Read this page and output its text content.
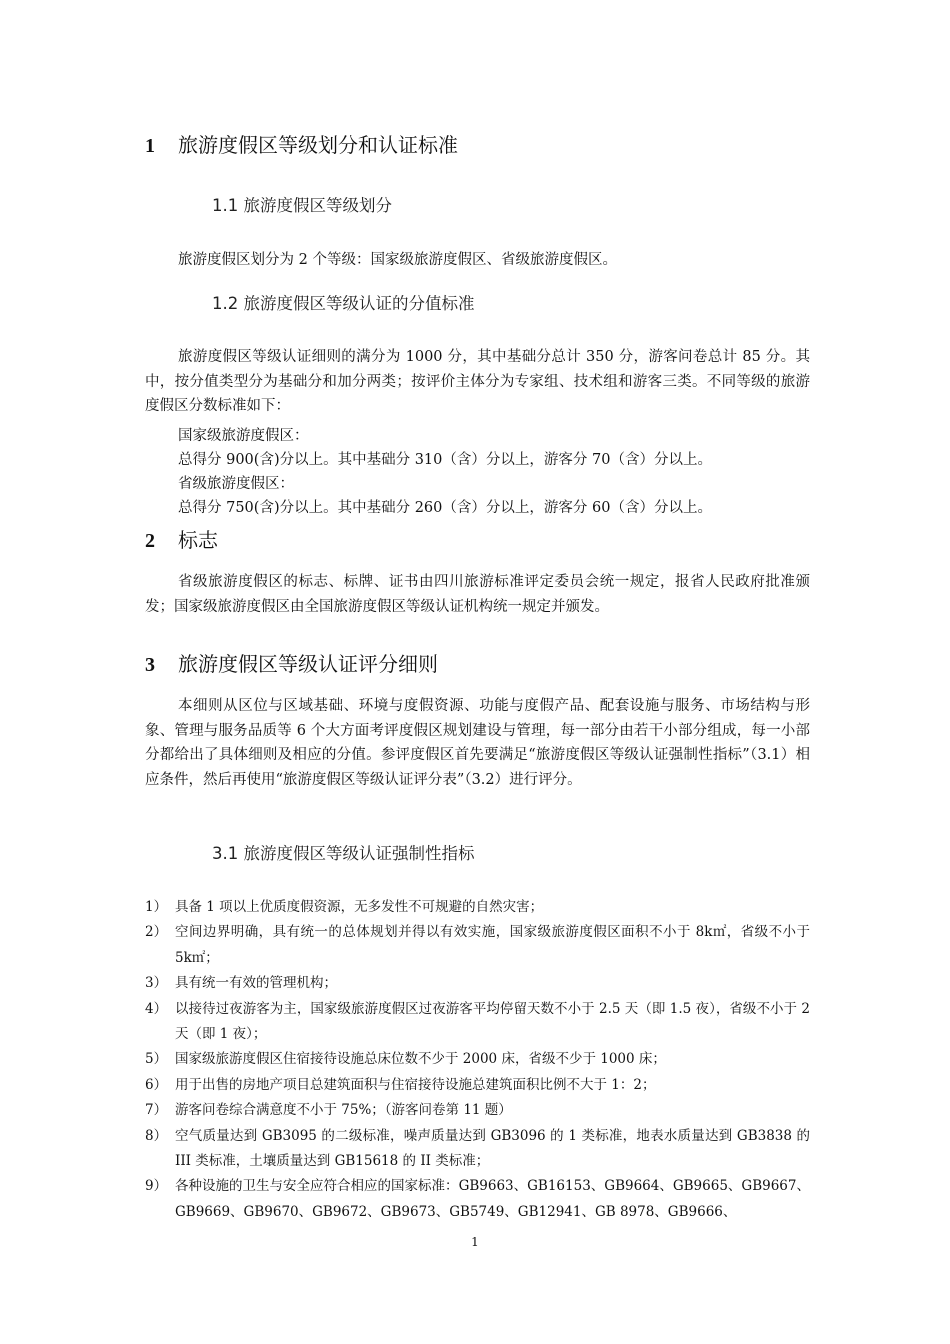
1 旅游度假区等级划分和认证标准
1.1 旅游度假区等级划分

旅游度假区划分为 2 个等级：国家级旅游度假区、省级旅游度假区。

1.2 旅游度假区等级认证的分值标准

旅游度假区等级认证细则的满分为 1000 分，其中基础分总计 350 分，游客问卷总计 85 分。其中，按分值类型分为基础分和加分两类；按评价主体分为专家组、技术组和游客三类。不同等级的旅游度假区分数标准如下：

国家级旅游度假区：
总得分 900(含)分以上。其中基础分 310（含）分以上，游客分 70（含）分以上。
省级旅游度假区：
总得分 750(含)分以上。其中基础分 260（含）分以上，游客分 60（含）分以上。
2 标志

省级旅游度假区的标志、标牌、证书由四川旅游标准评定委员会统一规定，报省人民政府批准颁发；国家级旅游度假区由全国旅游度假区等级认证机构统一规定并颁发。

3 旅游度假区等级认证评分细则

本细则从区位与区域基础、环境与度假资源、功能与度假产品、配套设施与服务、市场结构与形象、管理与服务品质等 6 个大方面考评度假区规划建设与管理，每一部分由若干小部分组成，每一小部分都给出了具体细则及相应的分值。参评度假区首先要满足“旅游度假区等级认证强制性指标”（3.1）相应条件，然后再使用“旅游度假区等级认证评分表”（3.2）进行评分。

3.1 旅游度假区等级认证强制性指标
1） 具备 1 项以上优质度假资源，无多发性不可规避的自然灾害；
2） 空间边界明确，具有统一的总体规划并得以有效实施，国家级旅游度假区面积不小于 8k㎡，省级不小于 5k㎡；
3） 具有统一有效的管理机构；
4） 以接待过夜游客为主，国家级旅游度假区过夜游客平均停留天数不小于 2.5 天（即 1.5 夜），省级不小于 2 天（即 1 夜）；
5） 国家级旅游度假区住宿接待设施总床位数不少于 2000 床，省级不少于 1000 床；
6） 用于出售的房地产项目总建筑面积与住宿接待设施总建筑面积比例不大于 1：2；
7） 游客问卷综合满意度不小于 75%；（游客问卷第 11 题）
8） 空气质量达到 GB3095 的二级标准，噪声质量达到 GB3096 的 1 类标准，地表水质量达到 GB3838 的 III 类标准，土壤质量达到 GB15618 的 II 类标准；
9） 各种设施的卫生与安全应符合相应的国家标准：GB9663、GB16153、GB9664、GB9665、GB9667、GB9669、GB9670、GB9672、GB9673、GB5749、GB12941、GB 8978、GB9666、
1
